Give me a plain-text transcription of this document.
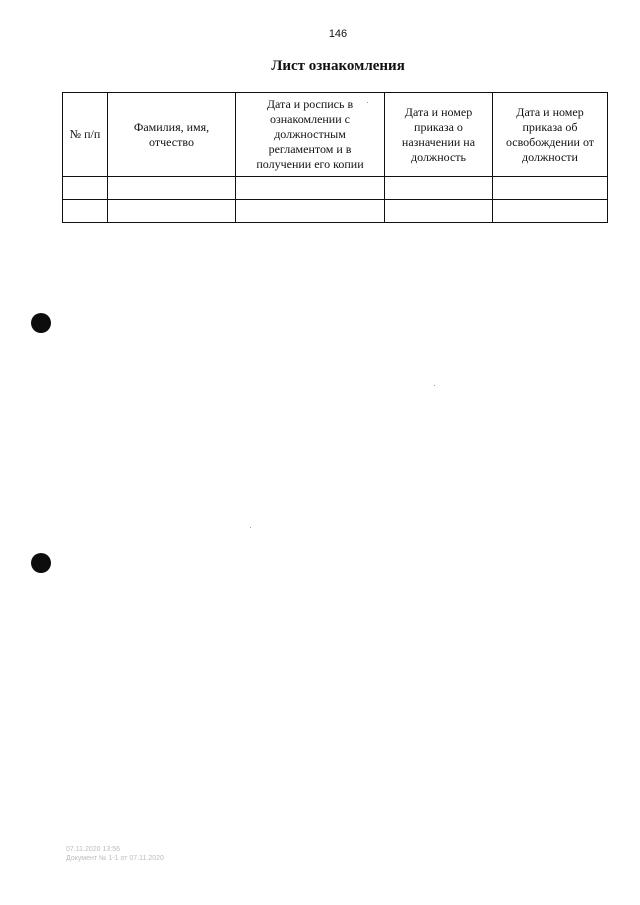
146
Лист ознакомления
№ п/п	Фамилия, имя, отчество	Дата и роспись в ознакомлении с должностным регламентом и в получении его копии	Дата и номер приказа о назначении на должность	Дата и номер приказа об освобождении от должности

07.11.2020 13:56
Документ № 1-1 от 07.11.2020
